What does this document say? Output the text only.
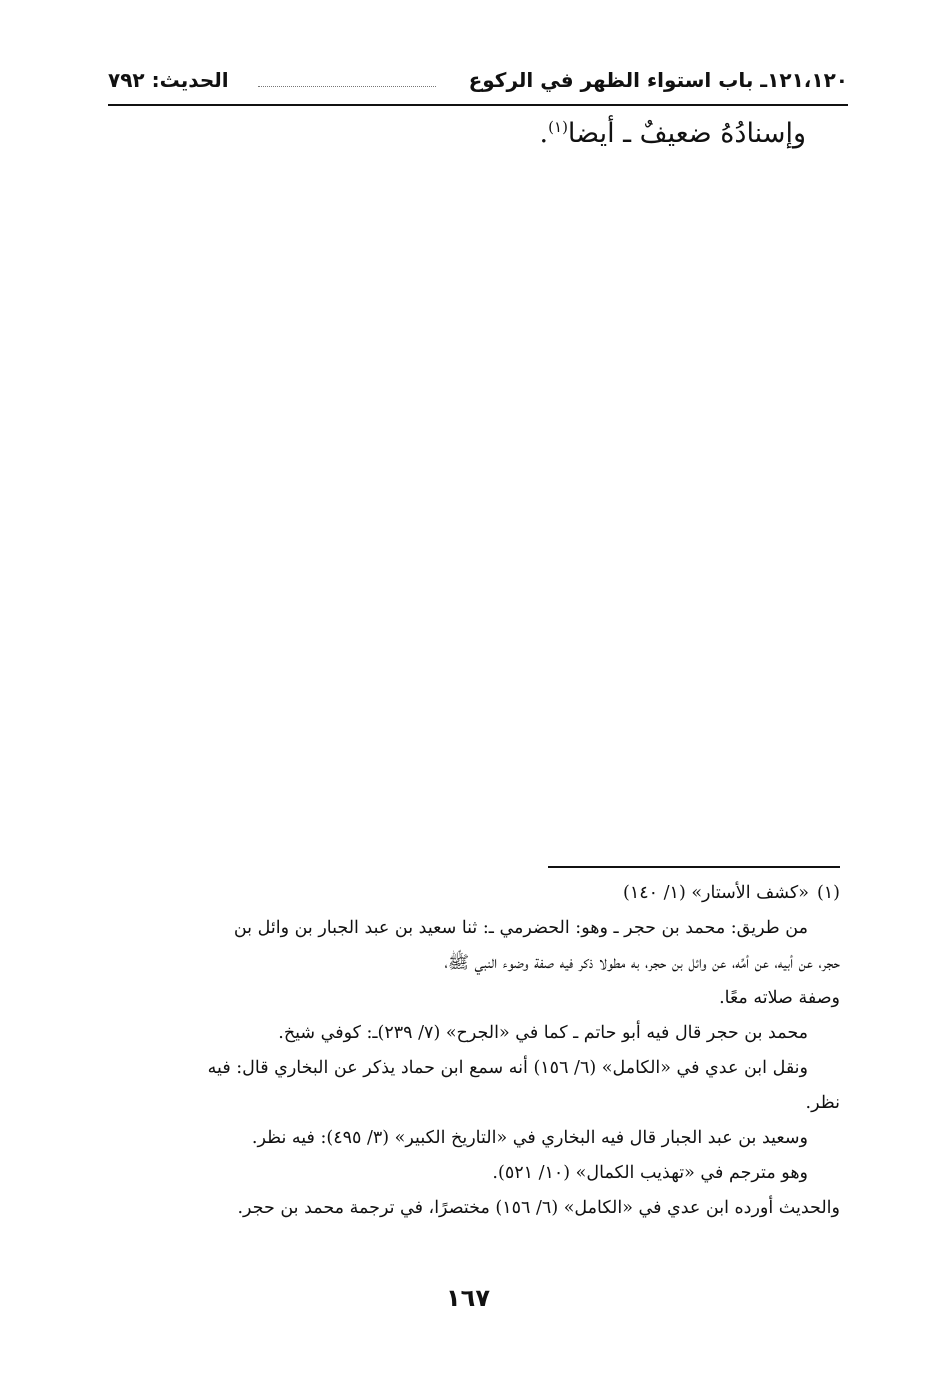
١٢١،١٢٠ـ باب استواء الظهر في الركوع
الحديث: ٧٩٢
وإسنادُهُ ضعيفٌ ـ أيضا$^{(١)}$.
(١)«كشف الأستار» (١/ ١٤٠)
من طريق: محمد بن حجر ـ وهو: الحضرمي ـ: ثنا سعيد بن عبد الجبار بن وائل بن
حجر، عن أبيه، عن أمِّه، عن وائل بن حجر، به مطولا ذكر فيه صفة وضوء النبي ﷺ،
وصفة صلاته معًا.
محمد بن حجر قال فيه أبو حاتم ـ كما في «الجرح» (٧/ ٢٣٩)ـ: كوفي شيخ.
ونقل ابن عدي في «الكامل» (٦/ ١٥٦) أنه سمع ابن حماد يذكر عن البخاري قال: فيه
نظر.
وسعيد بن عبد الجبار قال فيه البخاري في «التاريخ الكبير» (٣/ ٤٩٥): فيه نظر.
وهو مترجم في «تهذيب الكمال» (١٠/ ٥٢١).
والحديث أورده ابن عدي في «الكامل» (٦/ ١٥٦) مختصرًا، في ترجمة محمد بن حجر.
١٦٧
